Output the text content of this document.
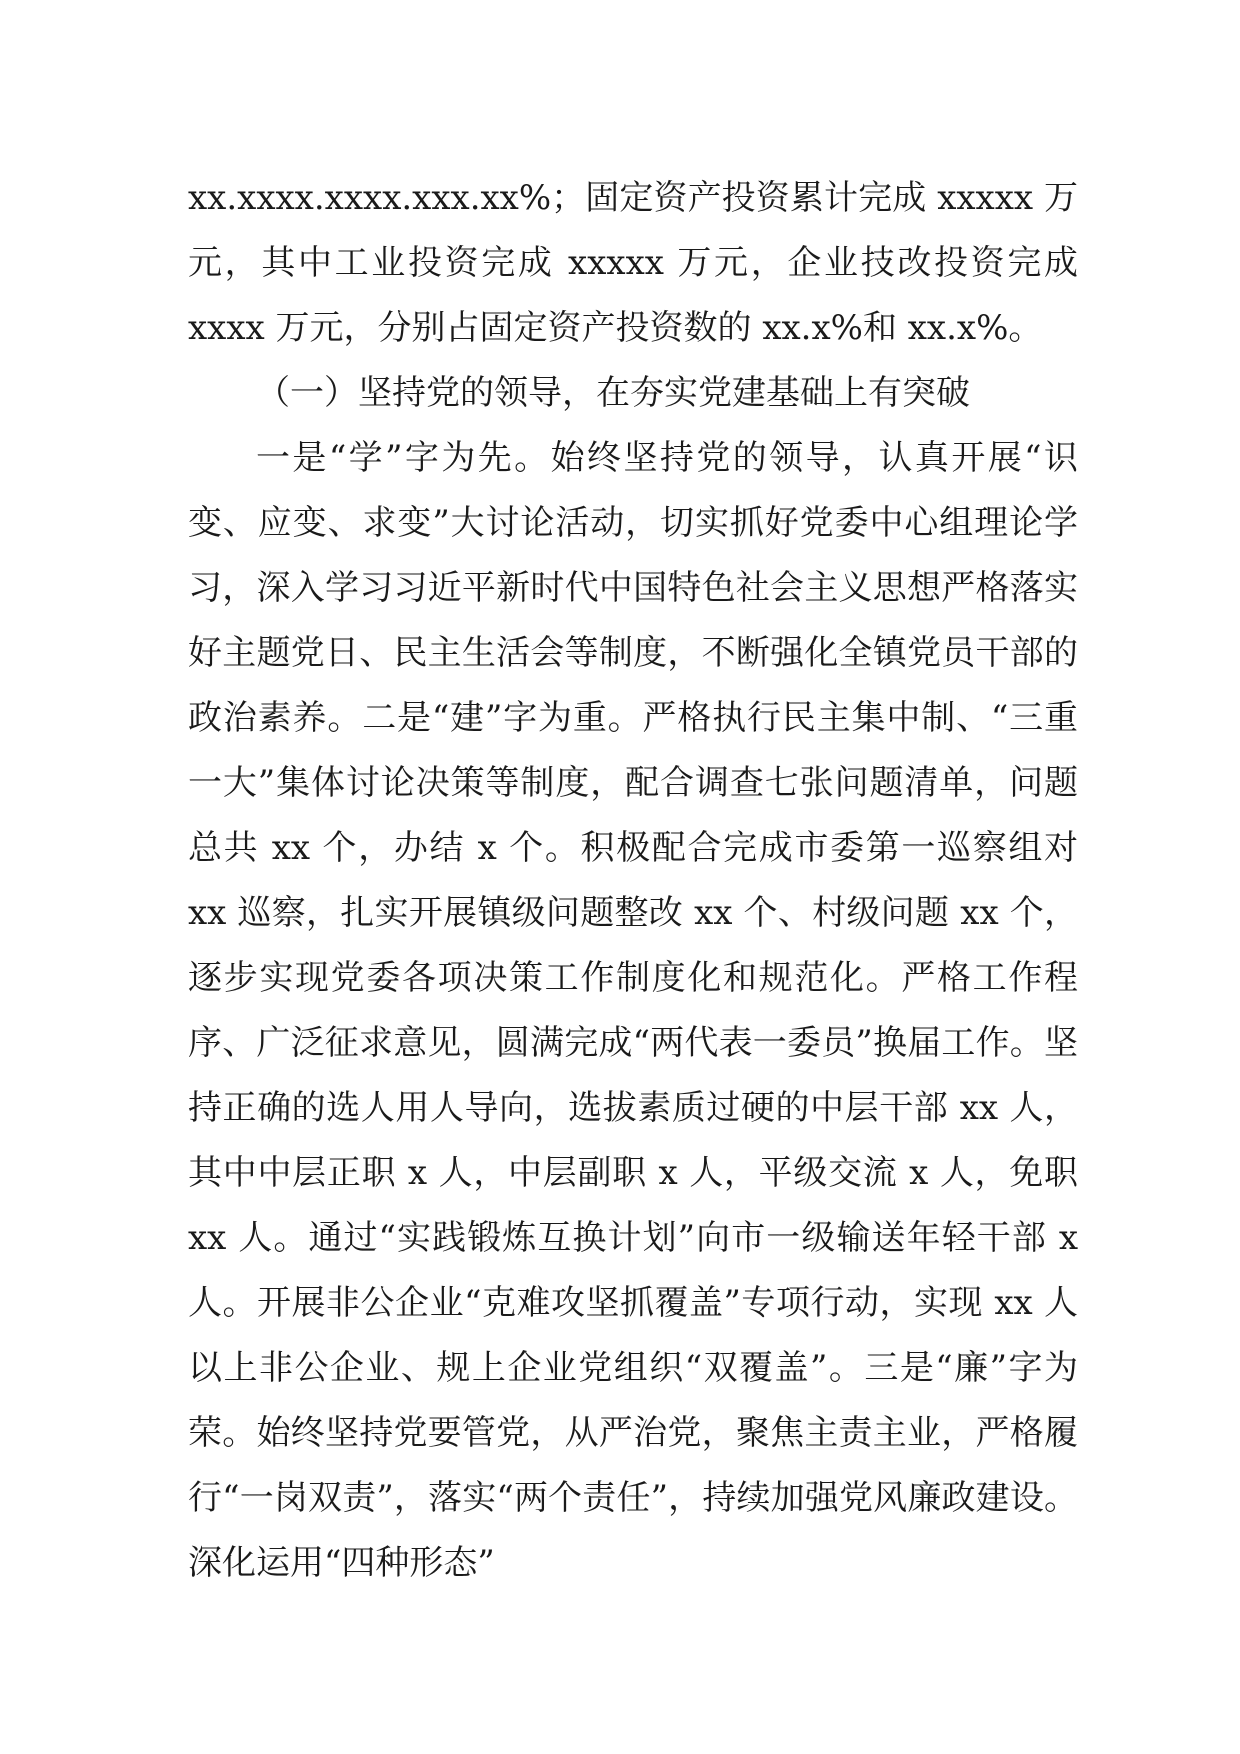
xx.xxxx.xxxx.xxx.xx%；固定资产投资累计完成 xxxxx 万元，其中工业投资完成 xxxxx 万元，企业技改投资完成 xxxx 万元，分别占固定资产投资数的 xx.x%和 xx.x%。

（一）坚持党的领导，在夯实党建基础上有突破

一是“学”字为先。始终坚持党的领导，认真开展“识变、应变、求变”大讨论活动，切实抓好党委中心组理论学习，深入学习习近平新时代中国特色社会主义思想严格落实好主题党日、民主生活会等制度，不断强化全镇党员干部的政治素养。二是“建”字为重。严格执行民主集中制、“三重一大”集体讨论决策等制度，配合调查七张问题清单，问题总共 xx 个，办结 x 个。积极配合完成市委第一巡察组对 xx 巡察，扎实开展镇级问题整改 xx 个、村级问题 xx 个，逐步实现党委各项决策工作制度化和规范化。严格工作程序、广泛征求意见，圆满完成“两代表一委员”换届工作。坚持正确的选人用人导向，选拔素质过硬的中层干部 xx 人，其中中层正职 x 人，中层副职 x 人，平级交流 x 人，免职 xx 人。通过“实践锻炼互换计划”向市一级输送年轻干部 x 人。开展非公企业“克难攻坚抓覆盖”专项行动，实现 xx 人以上非公企业、规上企业党组织“双覆盖”。三是“廉”字为荣。始终坚持党要管党，从严治党，聚焦主责主业，严格履行“一岗双责”，落实“两个责任”，持续加强党风廉政建设。深化运用“四种形态”
